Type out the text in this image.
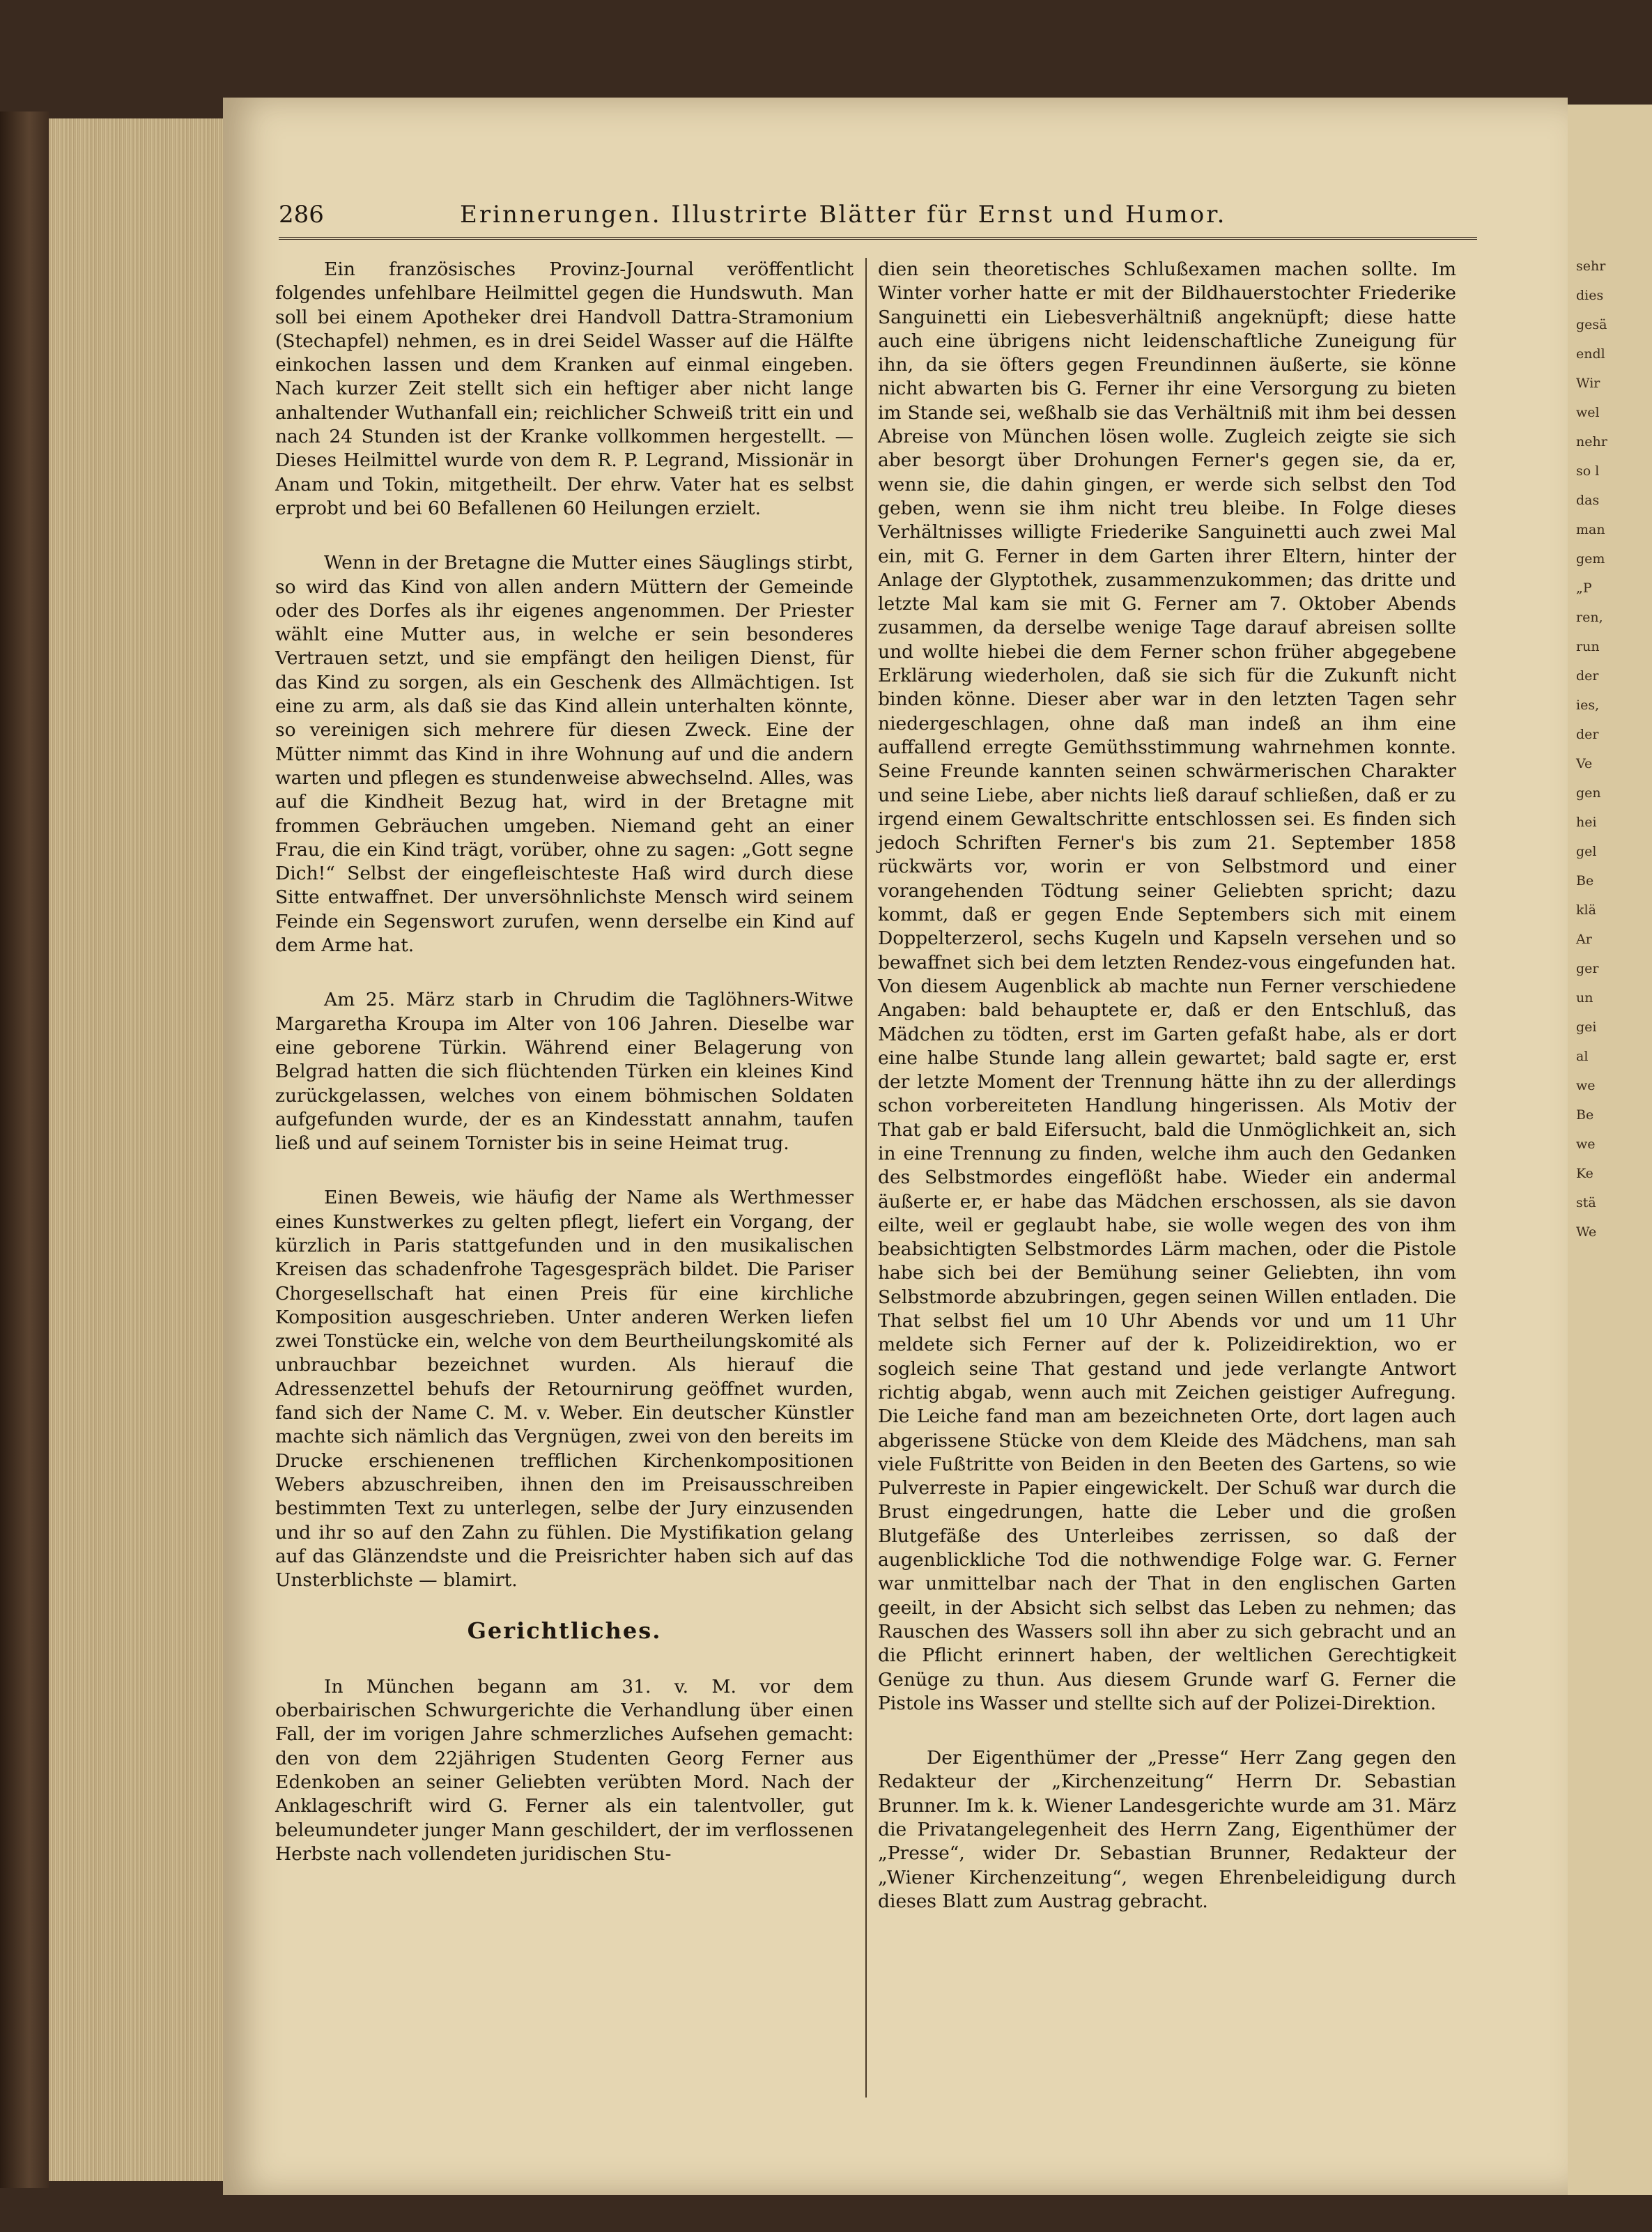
286	Erinnerungen. Illustrirte Blätter für Ernst und Humor.

Ein französisches Provinz-Journal veröffentlicht folgendes unfehlbare Heilmittel gegen die Hundswuth. Man soll bei einem Apotheker drei Handvoll Dattra-Stramonium (Stechapfel) nehmen, es in drei Seidel Wasser auf die Hälfte einkochen lassen und dem Kranken auf einmal eingeben. Nach kurzer Zeit stellt sich ein heftiger aber nicht lange anhaltender Wuthanfall ein; reichlicher Schweiß tritt ein und nach 24 Stunden ist der Kranke vollkommen hergestellt. — Dieses Heilmittel wurde von dem R. P. Legrand, Missionär in Anam und Tokin, mitgetheilt. Der ehrw. Vater hat es selbst erprobt und bei 60 Befallenen 60 Heilungen erzielt.

Wenn in der Bretagne die Mutter eines Säuglings stirbt, so wird das Kind von allen andern Müttern der Gemeinde oder des Dorfes als ihr eigenes angenommen. Der Priester wählt eine Mutter aus, in welche er sein besonderes Vertrauen setzt, und sie empfängt den heiligen Dienst, für das Kind zu sorgen, als ein Geschenk des Allmächtigen. Ist eine zu arm, als daß sie das Kind allein unterhalten könnte, so vereinigen sich mehrere für diesen Zweck. Eine der Mütter nimmt das Kind in ihre Wohnung auf und die andern warten und pflegen es stundenweise abwechselnd. Alles, was auf die Kindheit Bezug hat, wird in der Bretagne mit frommen Gebräuchen umgeben. Niemand geht an einer Frau, die ein Kind trägt, vorüber, ohne zu sagen: „Gott segne Dich!“ Selbst der eingefleischteste Haß wird durch diese Sitte entwaffnet. Der unversöhnlichste Mensch wird seinem Feinde ein Segenswort zurufen, wenn derselbe ein Kind auf dem Arme hat.

Am 25. März starb in Chrudim die Taglöhners-Witwe Margaretha Kroupa im Alter von 106 Jahren. Dieselbe war eine geborene Türkin. Während einer Belagerung von Belgrad hatten die sich flüchtenden Türken ein kleines Kind zurückgelassen, welches von einem böhmischen Soldaten aufgefunden wurde, der es an Kindesstatt annahm, taufen ließ und auf seinem Tornister bis in seine Heimat trug.

Einen Beweis, wie häufig der Name als Werthmesser eines Kunstwerkes zu gelten pflegt, liefert ein Vorgang, der kürzlich in Paris stattgefunden und in den musikalischen Kreisen das schadenfrohe Tagesgespräch bildet. Die Pariser Chorgesellschaft hat einen Preis für eine kirchliche Komposition ausgeschrieben. Unter anderen Werken liefen zwei Tonstücke ein, welche von dem Beurtheilungskomité als unbrauchbar bezeichnet wurden. Als hierauf die Adressenzettel behufs der Retournirung geöffnet wurden, fand sich der Name C. M. v. Weber. Ein deutscher Künstler machte sich nämlich das Vergnügen, zwei von den bereits im Drucke erschienenen trefflichen Kirchenkompositionen Webers abzuschreiben, ihnen den im Preisausschreiben bestimmten Text zu unterlegen, selbe der Jury einzusenden und ihr so auf den Zahn zu fühlen. Die Mystifikation gelang auf das Glänzendste und die Preisrichter haben sich auf das Unsterblichste — blamirt.

Gerichtliches.

In München begann am 31. v. M. vor dem oberbairischen Schwurgerichte die Verhandlung über einen Fall, der im vorigen Jahre schmerzliches Aufsehen gemacht: den von dem 22jährigen Studenten Georg Ferner aus Edenkoben an seiner Geliebten verübten Mord. Nach der Anklageschrift wird G. Ferner als ein talentvoller, gut beleumundeter junger Mann geschildert, der im verflossenen Herbste nach vollendeten juridischen Stu-

dien sein theoretisches Schlußexamen machen sollte. Im Winter vorher hatte er mit der Bildhauerstochter Friederike Sanguinetti ein Liebesverhältniß angeknüpft; diese hatte auch eine übrigens nicht leidenschaftliche Zuneigung für ihn, da sie öfters gegen Freundinnen äußerte, sie könne nicht abwarten bis G. Ferner ihr eine Versorgung zu bieten im Stande sei, weßhalb sie das Verhältniß mit ihm bei dessen Abreise von München lösen wolle. Zugleich zeigte sie sich aber besorgt über Drohungen Ferner's gegen sie, da er, wenn sie, die dahin gingen, er werde sich selbst den Tod geben, wenn sie ihm nicht treu bleibe. In Folge dieses Verhältnisses willigte Friederike Sanguinetti auch zwei Mal ein, mit G. Ferner in dem Garten ihrer Eltern, hinter der Anlage der Glyptothek, zusammenzukommen; das dritte und letzte Mal kam sie mit G. Ferner am 7. Oktober Abends zusammen, da derselbe wenige Tage darauf abreisen sollte und wollte hiebei die dem Ferner schon früher abgegebene Erklärung wiederholen, daß sie sich für die Zukunft nicht binden könne. Dieser aber war in den letzten Tagen sehr niedergeschlagen, ohne daß man indeß an ihm eine auffallend erregte Gemüthsstimmung wahrnehmen konnte. Seine Freunde kannten seinen schwärmerischen Charakter und seine Liebe, aber nichts ließ darauf schließen, daß er zu irgend einem Gewaltschritte entschlossen sei. Es finden sich jedoch Schriften Ferner's bis zum 21. September 1858 rückwärts vor, worin er von Selbstmord und einer vorangehenden Tödtung seiner Geliebten spricht; dazu kommt, daß er gegen Ende Septembers sich mit einem Doppelterzerol, sechs Kugeln und Kapseln versehen und so bewaffnet sich bei dem letzten Rendez-vous eingefunden hat. Von diesem Augenblick ab machte nun Ferner verschiedene Angaben: bald behauptete er, daß er den Entschluß, das Mädchen zu tödten, erst im Garten gefaßt habe, als er dort eine halbe Stunde lang allein gewartet; bald sagte er, erst der letzte Moment der Trennung hätte ihn zu der allerdings schon vorbereiteten Handlung hingerissen. Als Motiv der That gab er bald Eifersucht, bald die Unmöglichkeit an, sich in eine Trennung zu finden, welche ihm auch den Gedanken des Selbstmordes eingeflößt habe. Wieder ein andermal äußerte er, er habe das Mädchen erschossen, als sie davon eilte, weil er geglaubt habe, sie wolle wegen des von ihm beabsichtigten Selbstmordes Lärm machen, oder die Pistole habe sich bei der Bemühung seiner Geliebten, ihn vom Selbstmorde abzubringen, gegen seinen Willen entladen. Die That selbst fiel um 10 Uhr Abends vor und um 11 Uhr meldete sich Ferner auf der k. Polizeidirektion, wo er sogleich seine That gestand und jede verlangte Antwort richtig abgab, wenn auch mit Zeichen geistiger Aufregung. Die Leiche fand man am bezeichneten Orte, dort lagen auch abgerissene Stücke von dem Kleide des Mädchens, man sah viele Fußtritte von Beiden in den Beeten des Gartens, so wie Pulverreste in Papier eingewickelt. Der Schuß war durch die Brust eingedrungen, hatte die Leber und die großen Blutgefäße des Unterleibes zerrissen, so daß der augenblickliche Tod die nothwendige Folge war. G. Ferner war unmittelbar nach der That in den englischen Garten geeilt, in der Absicht sich selbst das Leben zu nehmen; das Rauschen des Wassers soll ihn aber zu sich gebracht und an die Pflicht erinnert haben, der weltlichen Gerechtigkeit Genüge zu thun. Aus diesem Grunde warf G. Ferner die Pistole ins Wasser und stellte sich auf der Polizei-Direktion.

Der Eigenthümer der „Presse“ Herr Zang gegen den Redakteur der „Kirchenzeitung“ Herrn Dr. Sebastian Brunner. Im k. k. Wiener Landesgerichte wurde am 31. März die Privatangelegenheit des Herrn Zang, Eigenthümer der „Presse“, wider Dr. Sebastian Brunner, Redakteur der „Wiener Kirchenzeitung“, wegen Ehrenbeleidigung durch dieses Blatt zum Austrag gebracht.

sehr
dies
gesä
endl
Wir
wel
nehr
so l
das
man
gem
„P
ren,
run
der
ies,
der
Ve
gen
hei
gel
Be
klä
Ar
ger
un
gei
al
we
Be
we
Ke
stä
We
